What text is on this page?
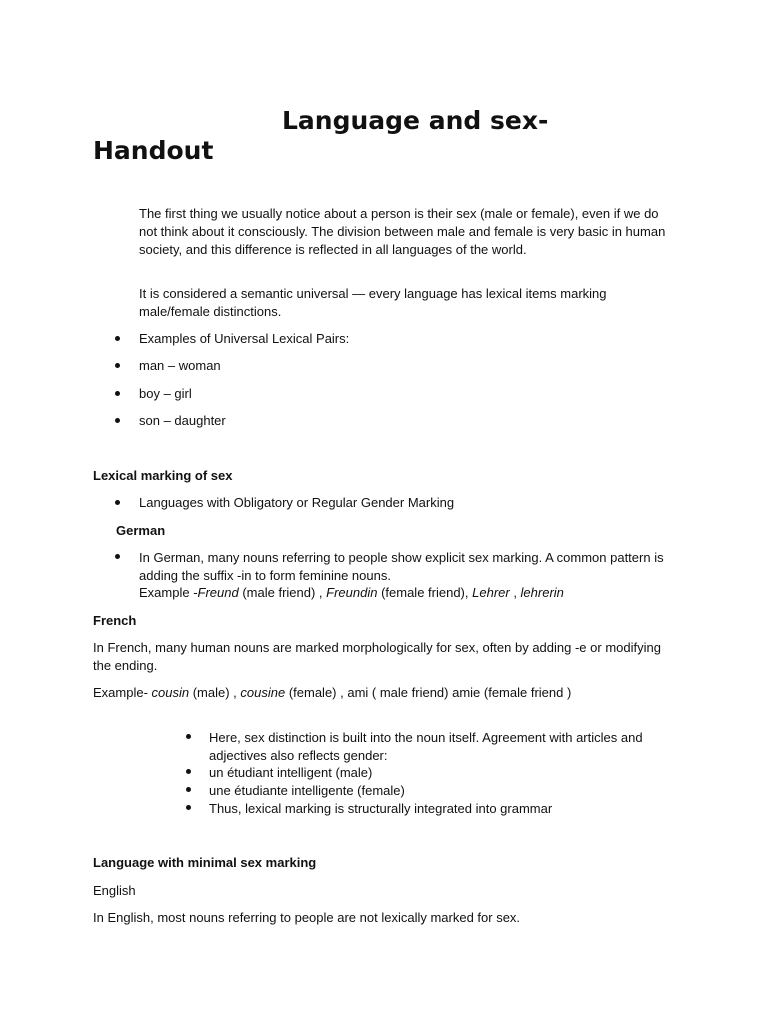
Language and sex-
Handout

The first thing we usually notice about a person is their sex (male or female), even if we do not think about it consciously. The division between male and female is very basic in human society, and this difference is reflected in all languages of the world.

It is considered a semantic universal — every language has lexical items marking male/female distinctions.

Examples of Universal Lexical Pairs:
man – woman
boy – girl
son – daughter

Lexical marking of sex

Languages with Obligatory or Regular Gender Marking

German

In German, many nouns referring to people show explicit sex marking. A common pattern is adding the suffix -in to form feminine nouns.

Example -Freund (male friend) , Freundin (female friend), Lehrer , lehrerin

French

In French, many human nouns are marked morphologically for sex, often by adding -e or modifying the ending.

Example- cousin (male) , cousine (female) , ami ( male friend) amie (female friend )

Here, sex distinction is built into the noun itself. Agreement with articles and adjectives also reflects gender:

un étudiant intelligent (male)
une étudiante intelligente (female)
Thus, lexical marking is structurally integrated into grammar

Language with minimal sex marking

English

In English, most nouns referring to people are not lexically marked for sex.
